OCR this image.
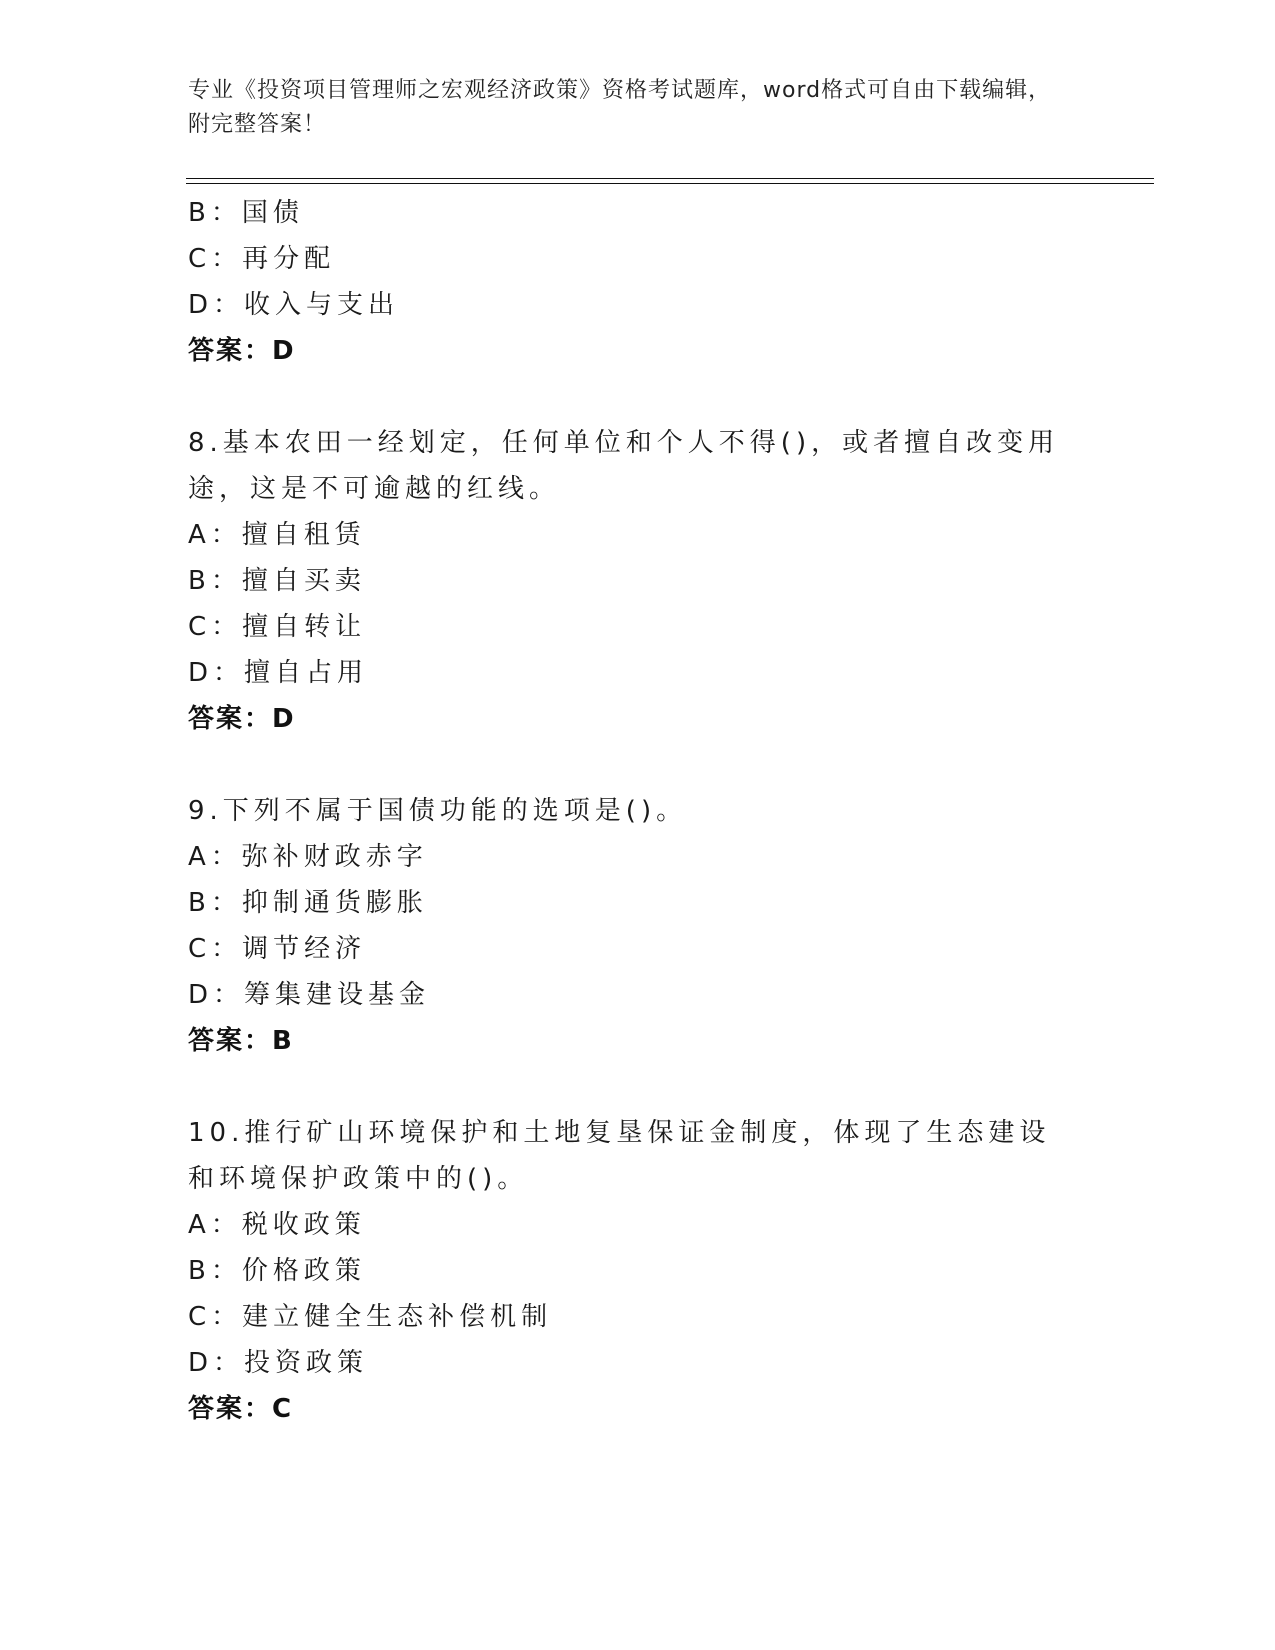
专业《投资项目管理师之宏观经济政策》资格考试题库，word格式可自由下载编辑，附完整答案！
B：国债
C：再分配
D：收入与支出
答案：D
8.基本农田一经划定，任何单位和个人不得()，或者擅自改变用途，这是不可逾越的红线。
A：擅自租赁
B：擅自买卖
C：擅自转让
D：擅自占用
答案：D
9.下列不属于国债功能的选项是()。
A：弥补财政赤字
B：抑制通货膨胀
C：调节经济
D：筹集建设基金
答案：B
10.推行矿山环境保护和土地复垦保证金制度，体现了生态建设和环境保护政策中的()。
A：税收政策
B：价格政策
C：建立健全生态补偿机制
D：投资政策
答案：C
